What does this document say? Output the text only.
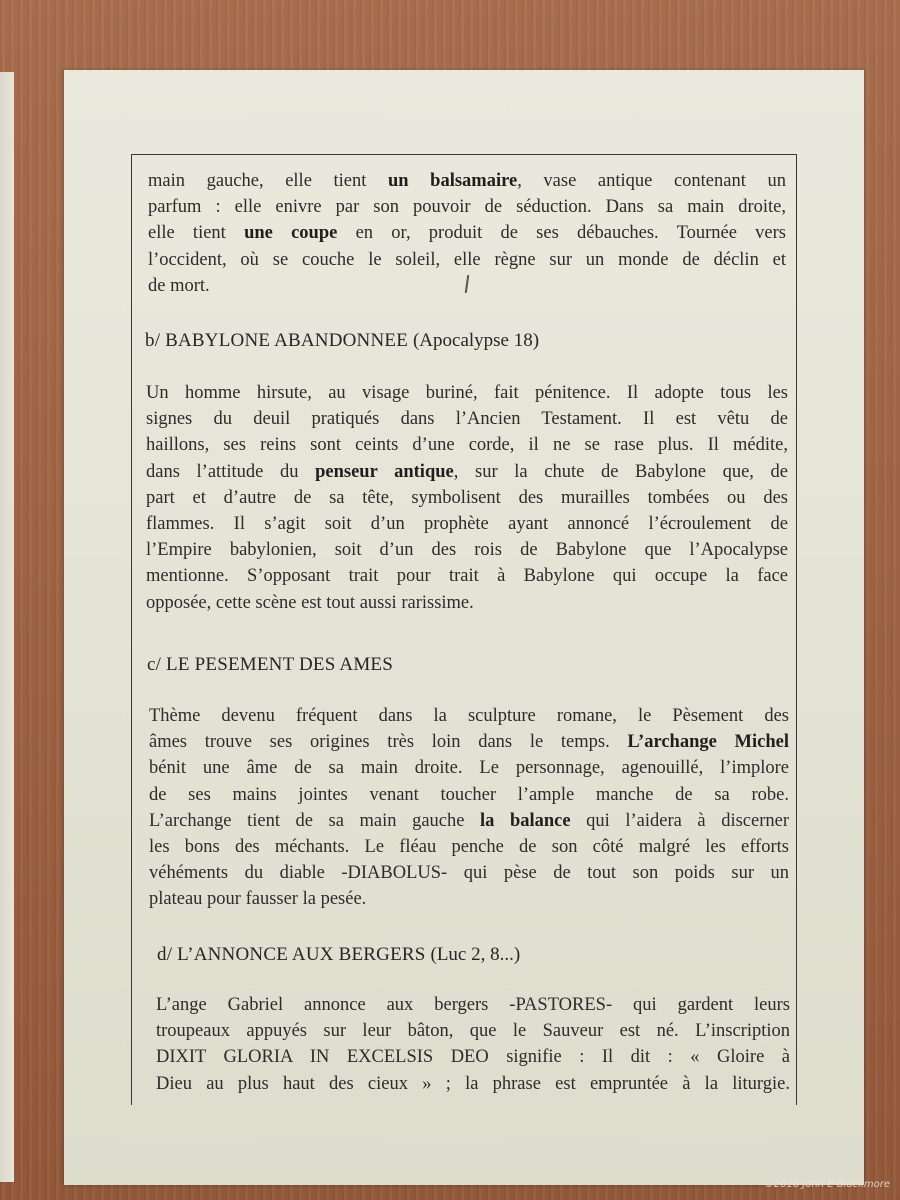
main gauche, elle tient un balsamaire, vase antique contenant un
parfum : elle enivre par son pouvoir de séduction. Dans sa main droite,
elle tient une coupe en or, produit de ses débauches. Tournée vers
l’occident, où se couche le soleil, elle règne sur un monde de déclin et

de mort.

b/ BABYLONE ABANDONNEE (Apocalypse 18)

Un homme hirsute, au visage buriné, fait pénitence. Il adopte tous les
signes du deuil pratiqués dans l’Ancien Testament. Il est vêtu de
haillons, ses reins sont ceints d’une corde, il ne se rase plus. Il médite,
dans l’attitude du penseur antique, sur la chute de Babylone que, de
part et d’autre de sa tête, symbolisent des murailles tombées ou des
flammes. Il s’agit soit d’un prophète ayant annoncé l’écroulement de
l’Empire babylonien, soit d’un des rois de Babylone que l’Apocalypse
mentionne. S’opposant trait pour trait à Babylone qui occupe la face

opposée, cette scène est tout aussi rarissime.

c/ LE PESEMENT DES AMES

Thème devenu fréquent dans la sculpture romane, le Pèsement des
âmes trouve ses origines très loin dans le temps. L’archange Michel
bénit une âme de sa main droite. Le personnage, agenouillé, l’implore
de ses mains jointes venant toucher l’ample manche de sa robe.
L’archange tient de sa main gauche la balance qui l’aidera à discerner
les bons des méchants. Le fléau penche de son côté malgré les efforts
véhéments du diable -DIABOLUS- qui pèse de tout son poids sur un

plateau pour fausser la pesée.

d/ L’ANNONCE AUX BERGERS (Luc 2, 8...)

L’ange Gabriel annonce aux bergers -PASTORES- qui gardent leurs
troupeaux appuyés sur leur bâton, que le Sauveur est né. L’inscription
DIXIT GLORIA IN EXCELSIS DEO signifie : Il dit : « Gloire à
Dieu au plus haut des cieux » ; la phrase est empruntée à la liturgie.

©2018 John E Blackmore
